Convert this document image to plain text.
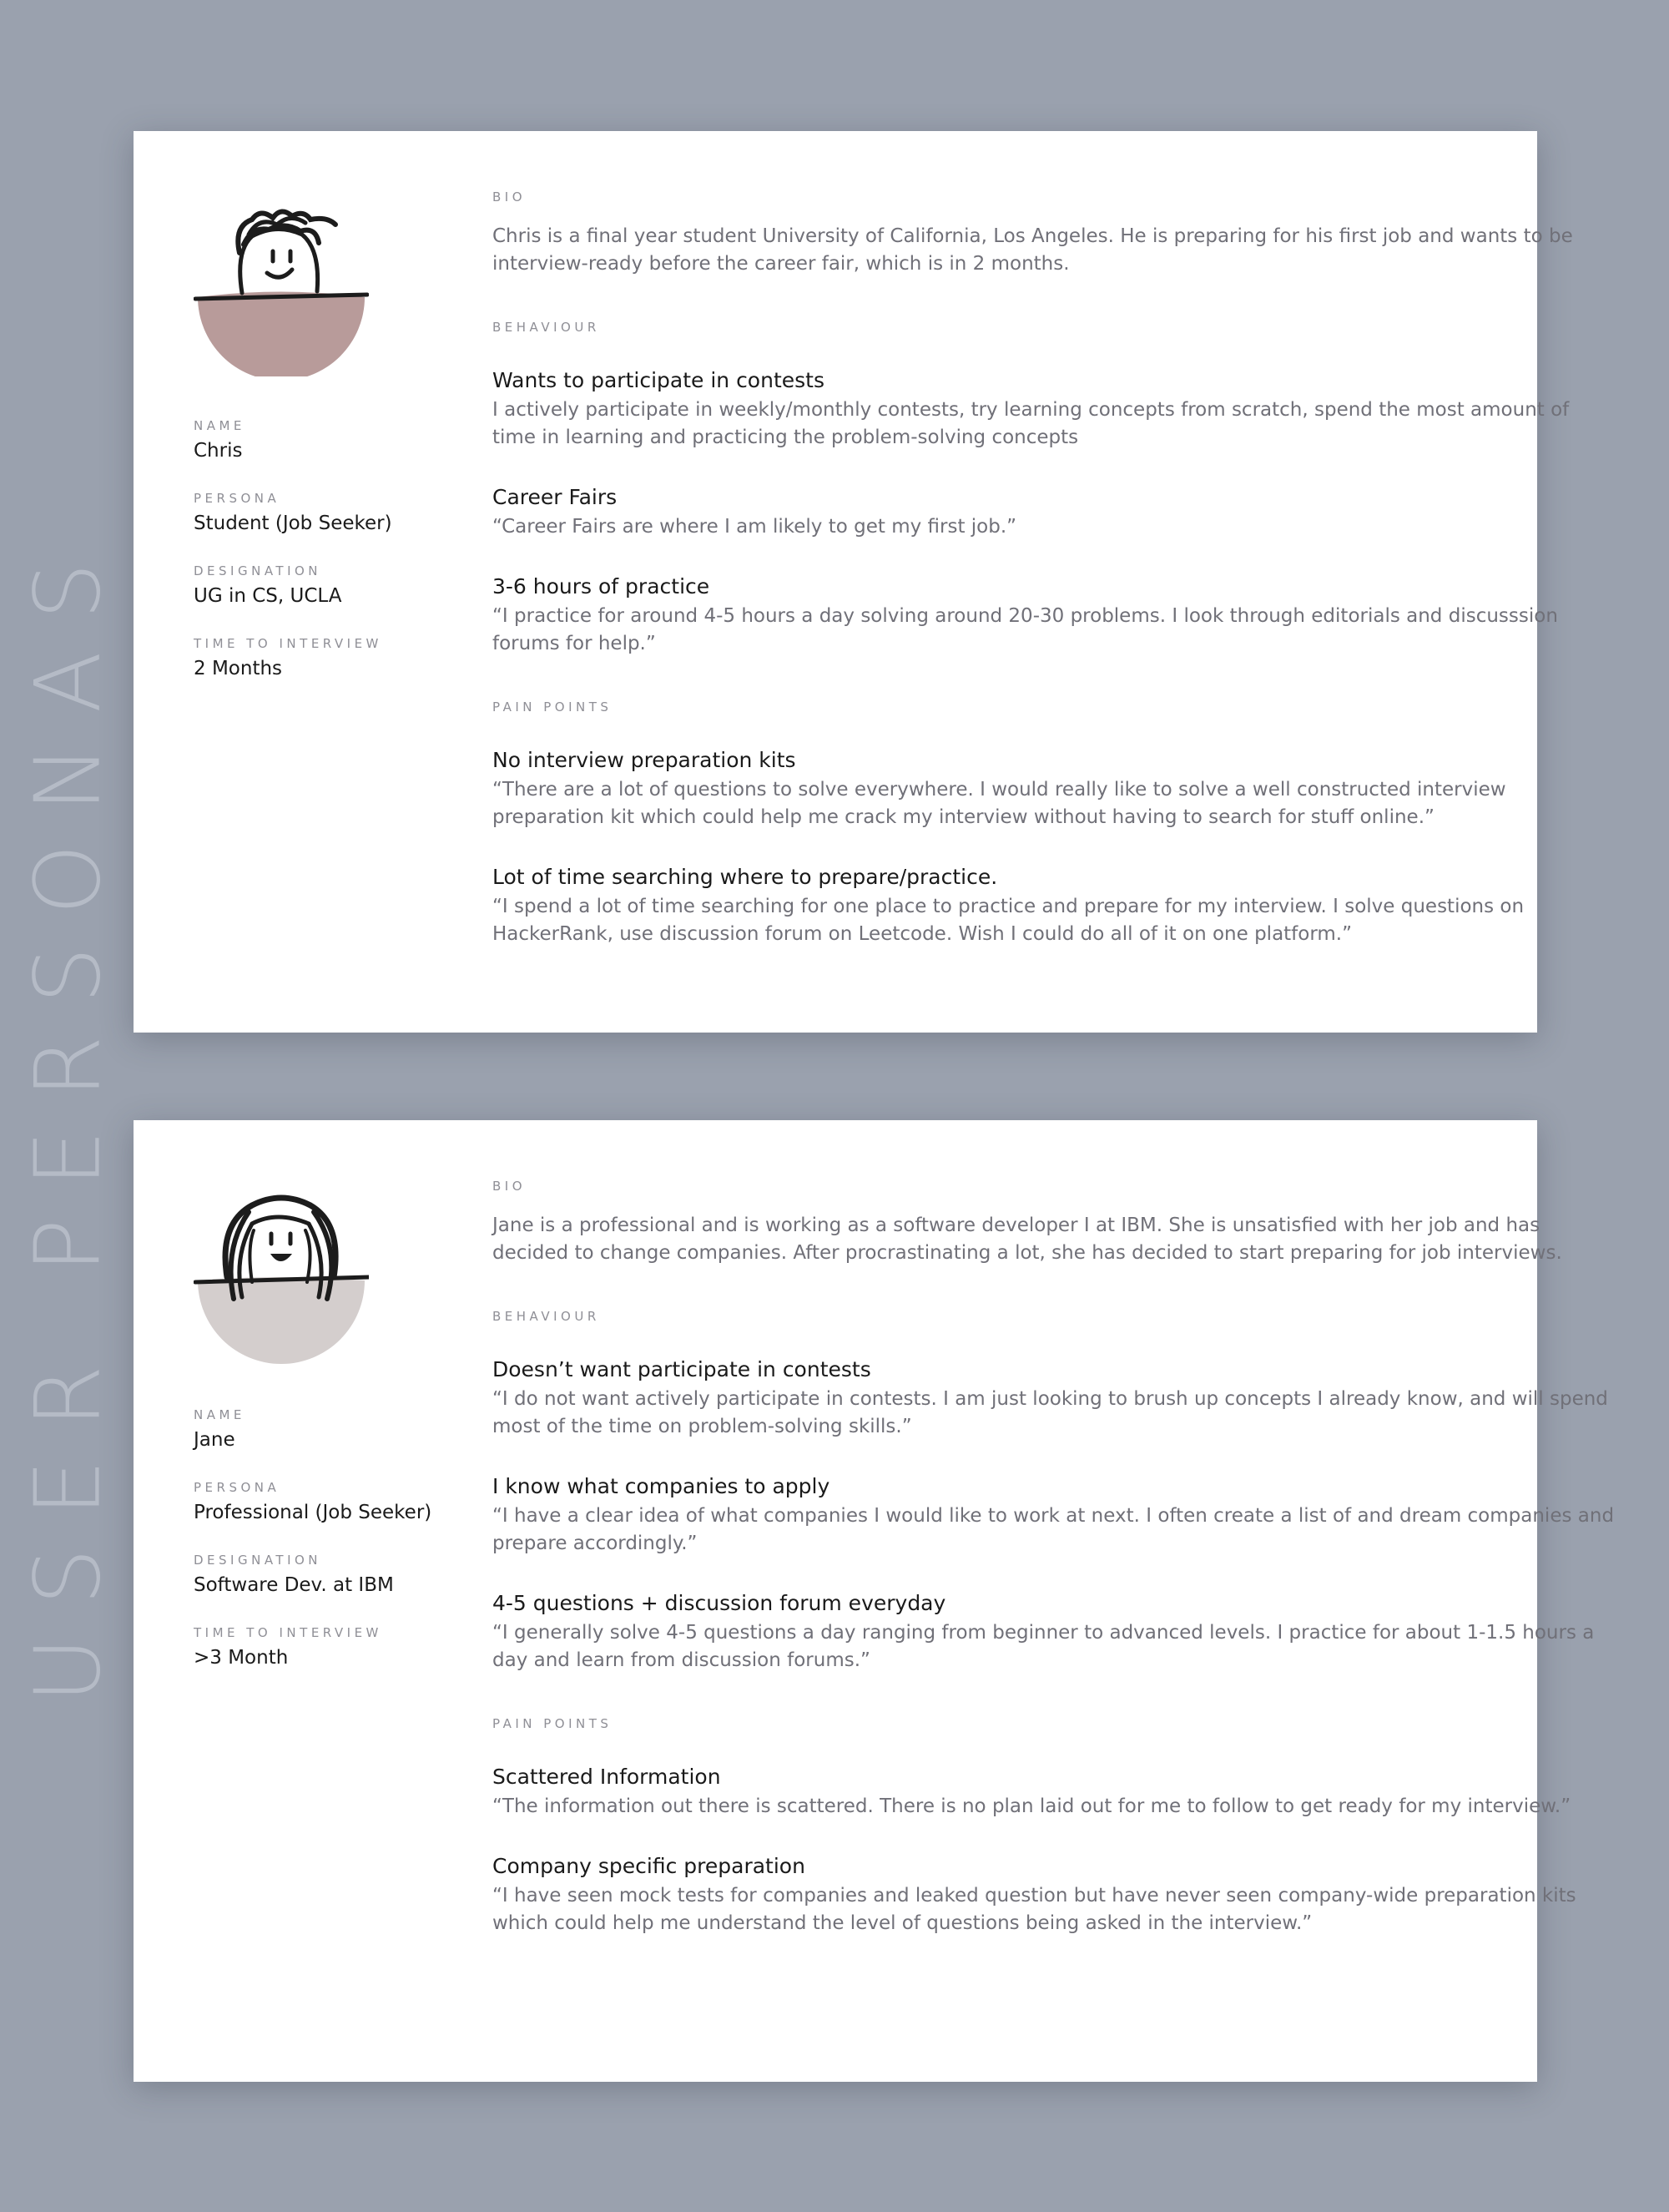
USER PERSONAS
NAME
Chris
PERSONA
Student (Job Seeker)
DESIGNATION
UG in CS, UCLA
TIME TO INTERVIEW
2 Months
BIO
Chris is a final year student University of California, Los Angeles. He is preparing for his first job and wants to be interview-ready before the career fair, which is in 2 months.
BEHAVIOUR
Wants to participate in contests
I actively participate in weekly/monthly contests, try learning concepts from scratch, spend the most amount of time in learning and practicing the problem-solving concepts
Career Fairs
“Career Fairs are where I am likely to get my first job.”
3-6 hours of practice
“I practice for around 4-5 hours a day solving around 20-30 problems. I look through editorials and discusssion forums for help.”
PAIN POINTS
No interview preparation kits
“There are a lot of questions to solve everywhere. I would really like to solve a well constructed interview preparation kit which could help me crack my interview without having to search for stuff online.”
Lot of time searching where to prepare/practice.
“I spend a lot of time searching for one place to practice and prepare for my interview. I solve questions on HackerRank, use discussion forum on Leetcode. Wish I could do all of it on one platform.”
NAME
Jane
PERSONA
Professional (Job Seeker)
DESIGNATION
Software Dev. at IBM
TIME TO INTERVIEW
>3 Month
BIO
Jane is a professional and is working as a software developer I at IBM. She is unsatisfied with her job and has decided to change companies. After procrastinating a lot, she has decided to start preparing for job interviews.
BEHAVIOUR
Doesn’t want participate in contests
“I do not want actively participate in contests. I am just looking to brush up concepts I already know, and will spend most of the time on problem-solving skills.”
I know what companies to apply
“I have a clear idea of what companies I would like to work at next. I often create a list of and dream companies and prepare accordingly.”
4-5 questions + discussion forum everyday
“I generally solve 4-5 questions a day ranging from beginner to advanced levels. I practice for about 1-1.5 hours a day and learn from discussion forums.”
PAIN POINTS
Scattered Information
“The information out there is scattered. There is no plan laid out for me to follow to get ready for my interview.”
Company specific preparation
“I have seen mock tests for companies and leaked question but have never seen company-wide preparation kits which could help me understand the level of questions being asked in the interview.”
